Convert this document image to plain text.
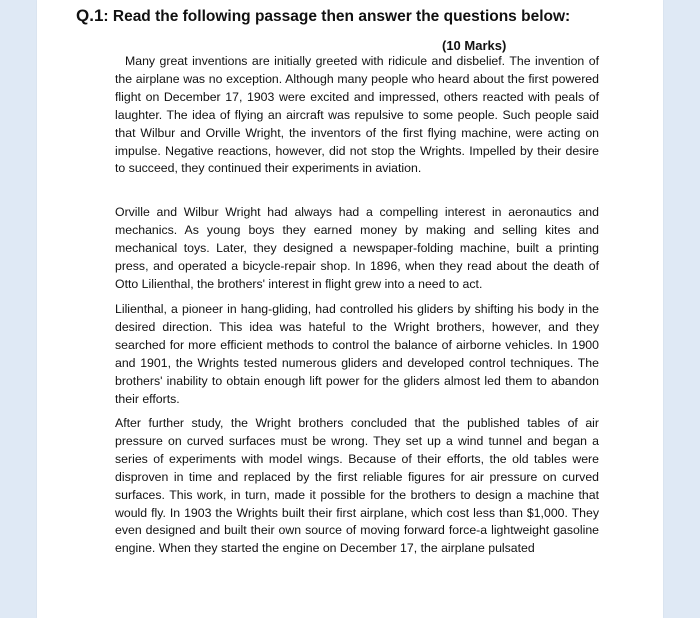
Q.1: Read the following passage then answer the questions below:
(10 Marks)

Many great inventions are initially greeted with ridicule and disbelief. The invention of the airplane was no exception. Although many people who heard about the first powered flight on December 17, 1903 were excited and impressed, others reacted with peals of laughter. The idea of flying an aircraft was repulsive to some people. Such people said that Wilbur and Orville Wright, the inventors of the first flying machine, were acting on impulse. Negative reactions, however, did not stop the Wrights. Impelled by their desire to succeed, they continued their experiments in aviation.

Orville and Wilbur Wright had always had a compelling interest in aeronautics and mechanics. As young boys they earned money by making and selling kites and mechanical toys. Later, they designed a newspaper-folding machine, built a printing press, and operated a bicycle-repair shop. In 1896, when they read about the death of Otto Lilienthal, the brothers' interest in flight grew into a need to act.

Lilienthal, a pioneer in hang-gliding, had controlled his gliders by shifting his body in the desired direction. This idea was hateful to the Wright brothers, however, and they searched for more efficient methods to control the balance of airborne vehicles. In 1900 and 1901, the Wrights tested numerous gliders and developed control techniques. The brothers' inability to obtain enough lift power for the gliders almost led them to abandon their efforts.

After further study, the Wright brothers concluded that the published tables of air pressure on curved surfaces must be wrong. They set up a wind tunnel and began a series of experiments with model wings. Because of their efforts, the old tables were disproven in time and replaced by the first reliable figures for air pressure on curved surfaces. This work, in turn, made it possible for the brothers to design a machine that would fly. In 1903 the Wrights built their first airplane, which cost less than $1,000. They even designed and built their own source of moving forward force-a lightweight gasoline engine. When they started the engine on December 17, the airplane pulsated
